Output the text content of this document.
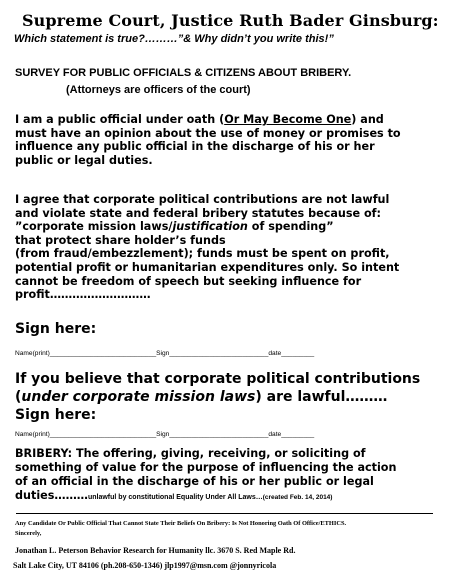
Supreme Court, Justice Ruth Bader Ginsburg:
Which statement is true?………”& Why didn’t you write this!”
SURVEY FOR PUBLIC OFFICIALS & CITIZENS ABOUT BRIBERY.
(Attorneys are officers of the court)
I am a public official under oath (Or May Become One) and
must have an opinion about the use of money or promises to
influence any public official in the discharge of his or her
public or legal duties.
I agree that corporate political contributions are not lawful
and violate state and federal bribery statutes because of:
”corporate mission laws/justification of spending”
that protect share holder’s funds
(from fraud/embezzlement); funds must be spent on profit,
potential profit or humanitarian expenditures only. So intent
cannot be freedom of speech but seeking influence for
profit………………………
Sign here:
Name(print)_____________________________Sign___________________________date_________
If you believe that corporate political contributions
(under corporate mission laws) are lawful………
Sign here:
Name(print)_____________________________Sign___________________________date_________
BRIBERY: The offering, giving, receiving, or soliciting of
something of value for the purpose of influencing the action
of an official in the discharge of his or her public or legal
duties………unlawful by constitutional Equality Under All Laws…(created Feb. 14, 2014)
Any Candidate Or Public Official That Cannot State Their Beliefs On Bribery: Is Not Honoring Oath Of Office/ETHICS.
Sincerely,
Jonathan L. Peterson Behavior Research for Humanity llc. 3670 S. Red Maple Rd.
Salt Lake City, UT 84106 (ph.208-650-1346) jlp1997@msn.com @jonnyricola
